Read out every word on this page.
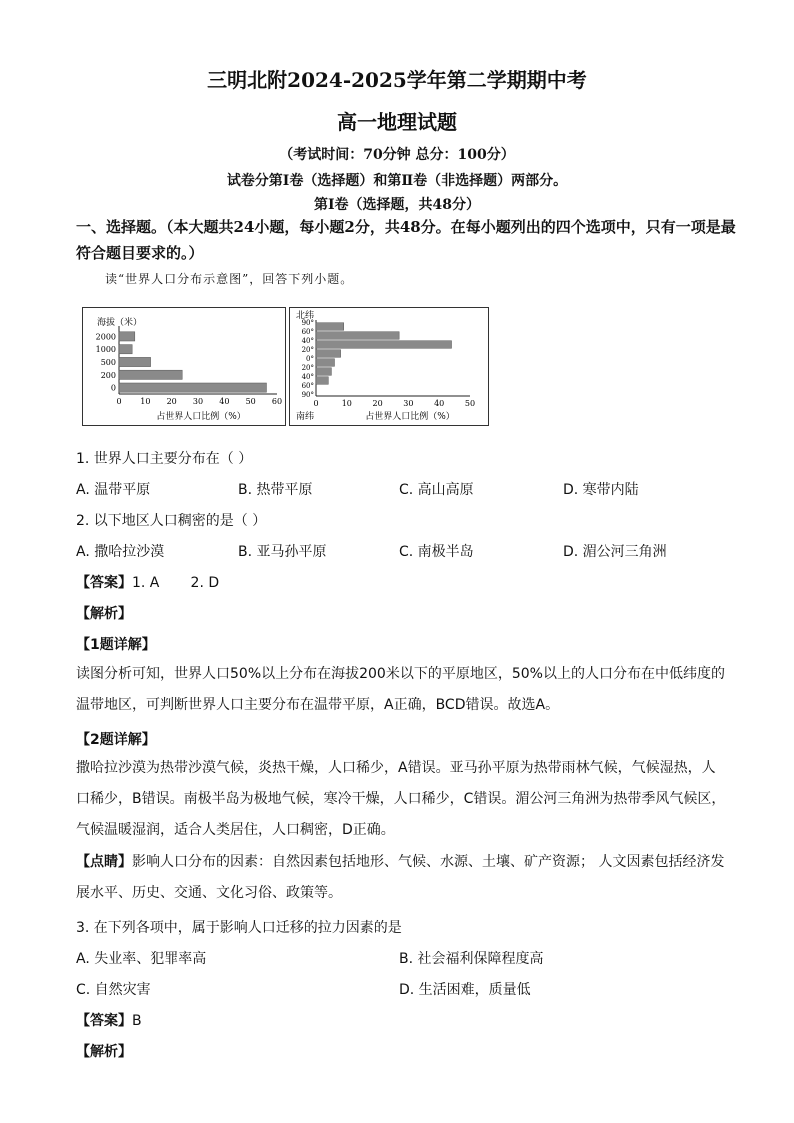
三明北附2024-2025学年第二学期期中考
高一地理试题
（考试时间：70分钟 总分：100分）
试卷分第Ⅰ卷（选择题）和第Ⅱ卷（非选择题）两部分。
第Ⅰ卷（选择题，共48分）
一、选择题。（本大题共24小题，每小题2分，共48分。在每小题列出的四个选项中，只有一项是最符合题目要求的。）
读“世界人口分布示意图”，回答下列小题。
海拔（米）
0
200
500
1000
2000
0 10 20 30 40 50 60
占世界人口比例（%）
北纬
南纬
90°
60°
40°
20°
0°
20°
40°
60°
90°
0	10	20	30	40	50
占世界人口比例（%）
1. 世界人口主要分布在（ ）
A. 温带平原	B. 热带平原	C. 高山高原	D. 寒带内陆
2. 以下地区人口稠密的是（ ）
A. 撒哈拉沙漠	B. 亚马孙平原	C. 南极半岛	D. 湄公河三角洲
【答案】1. A       2. D
【解析】
【1题详解】
读图分析可知，世界人口50%以上分布在海拔200米以下的平原地区，50%以上的人口分布在中低纬度的温带地区，可判断世界人口主要分布在温带平原，A正确，BCD错误。故选A。
【2题详解】
撒哈拉沙漠为热带沙漠气候，炎热干燥，人口稀少，A错误。亚马孙平原为热带雨林气候，气候湿热，人口稀少，B错误。南极半岛为极地气候，寒冷干燥，人口稀少，C错误。湄公河三角洲为热带季风气候区，气候温暖湿润，适合人类居住，人口稠密，D正确。
【点睛】影响人口分布的因素：自然因素包括地形、气候、水源、土壤、矿产资源； 人文因素包括经济发展水平、历史、交通、文化习俗、政策等。
3. 在下列各项中，属于影响人口迁移的拉力因素的是
A. 失业率、犯罪率高	B. 社会福利保障程度高
C. 自然灾害	D. 生活困难，质量低
【答案】B
【解析】
